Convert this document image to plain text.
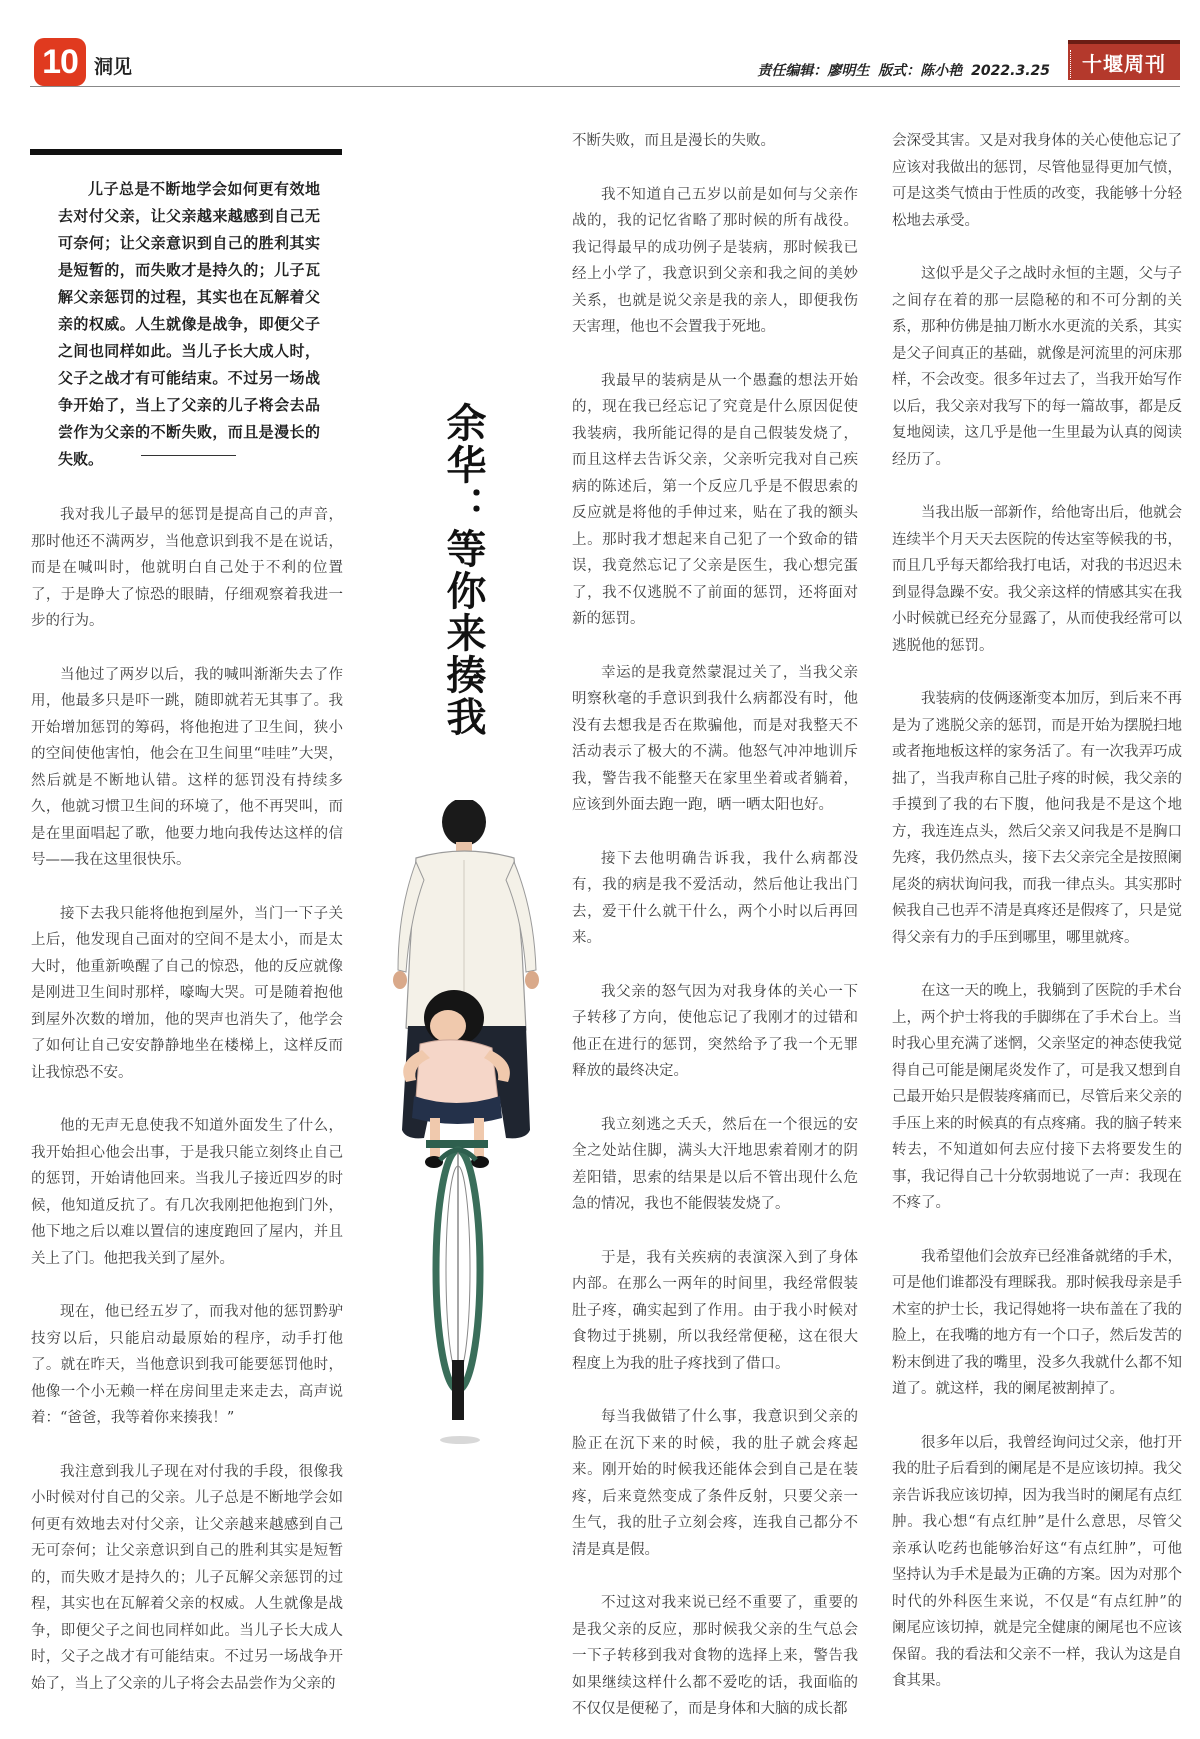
10 洞见	责任编辑：廖明生 版式：陈小艳 2022.3.25	十堰周刊
儿子总是不断地学会如何更有效地去对付父亲，让父亲越来越感到自己无可奈何；让父亲意识到自己的胜利其实是短暂的，而失败才是持久的；儿子瓦解父亲惩罚的过程，其实也在瓦解着父亲的权威。人生就像是战争，即便父子之间也同样如此。当儿子长大成人时，父子之战才有可能结束。不过另一场战争开始了，当上了父亲的儿子将会去品尝作为父亲的不断失败，而且是漫长的失败。

我对我儿子最早的惩罚是提高自己的声音，那时他还不满两岁，当他意识到我不是在说话，而是在喊叫时，他就明白自己处于不利的位置了，于是睁大了惊恐的眼睛，仔细观察着我进一步的行为。

当他过了两岁以后，我的喊叫渐渐失去了作用，他最多只是吓一跳，随即就若无其事了。我开始增加惩罚的筹码，将他抱进了卫生间，狭小的空间使他害怕，他会在卫生间里“哇哇”大哭，然后就是不断地认错。这样的惩罚没有持续多久，他就习惯卫生间的环境了，他不再哭叫，而是在里面唱起了歌，他要力地向我传达这样的信号——我在这里很快乐。

接下去我只能将他抱到屋外，当门一下子关上后，他发现自己面对的空间不是太小，而是太大时，他重新唤醒了自己的惊恐，他的反应就像是刚进卫生间时那样，嚎啕大哭。可是随着抱他到屋外次数的增加，他的哭声也消失了，他学会了如何让自己安安静静地坐在楼梯上，这样反而让我惊恐不安。

他的无声无息使我不知道外面发生了什么，我开始担心他会出事，于是我只能立刻终止自己的惩罚，开始请他回来。当我儿子接近四岁的时候，他知道反抗了。有几次我刚把他抱到门外，他下地之后以难以置信的速度跑回了屋内，并且关上了门。他把我关到了屋外。

现在，他已经五岁了，而我对他的惩罚黔驴技穷以后，只能启动最原始的程序，动手打他了。就在昨天，当他意识到我可能要惩罚他时，他像一个小无赖一样在房间里走来走去，高声说着：“爸爸，我等着你来揍我！”

我注意到我儿子现在对付我的手段，很像我小时候对付自己的父亲。儿子总是不断地学会如何更有效地去对付父亲，让父亲越来越感到自己无可奈何；让父亲意识到自己的胜利其实是短暂的，而失败才是持久的；儿子瓦解父亲惩罚的过程，其实也在瓦解着父亲的权威。人生就像是战争，即便父子之间也同样如此。当儿子长大成人时，父子之战才有可能结束。不过另一场战争开始了，当上了父亲的儿子将会去品尝作为父亲的

余华：等你来揍我

不断失败，而且是漫长的失败。

我不知道自己五岁以前是如何与父亲作战的，我的记忆省略了那时候的所有战役。我记得最早的成功例子是装病，那时候我已经上小学了，我意识到父亲和我之间的美妙关系，也就是说父亲是我的亲人，即便我伤天害理，他也不会置我于死地。

我最早的装病是从一个愚蠢的想法开始的，现在我已经忘记了究竟是什么原因促使我装病，我所能记得的是自己假装发烧了，而且这样去告诉父亲，父亲听完我对自己疾病的陈述后，第一个反应几乎是不假思索的反应就是将他的手伸过来，贴在了我的额头上。那时我才想起来自己犯了一个致命的错误，我竟然忘记了父亲是医生，我心想完蛋了，我不仅逃脱不了前面的惩罚，还将面对新的惩罚。

幸运的是我竟然蒙混过关了，当我父亲明察秋毫的手意识到我什么病都没有时，他没有去想我是否在欺骗他，而是对我整天不活动表示了极大的不满。他怒气冲冲地训斥我，警告我不能整天在家里坐着或者躺着，应该到外面去跑一跑，晒一晒太阳也好。

接下去他明确告诉我，我什么病都没有，我的病是我不爱活动，然后他让我出门去，爱干什么就干什么，两个小时以后再回来。

我父亲的怒气因为对我身体的关心一下子转移了方向，使他忘记了我刚才的过错和他正在进行的惩罚，突然给予了我一个无罪释放的最终决定。

我立刻逃之夭夭，然后在一个很远的安全之处站住脚，满头大汗地思索着刚才的阴差阳错，思索的结果是以后不管出现什么危急的情况，我也不能假装发烧了。

于是，我有关疾病的表演深入到了身体内部。在那么一两年的时间里，我经常假装肚子疼，确实起到了作用。由于我小时候对食物过于挑剔，所以我经常便秘，这在很大程度上为我的肚子疼找到了借口。

每当我做错了什么事，我意识到父亲的脸正在沉下来的时候，我的肚子就会疼起来。刚开始的时候我还能体会到自己是在装疼，后来竟然变成了条件反射，只要父亲一生气，我的肚子立刻会疼，连我自己都分不清是真是假。

不过这对我来说已经不重要了，重要的是我父亲的反应，那时候我父亲的生气总会一下子转移到我对食物的选择上来，警告我如果继续这样什么都不爱吃的话，我面临的不仅仅是便秘了，而是身体和大脑的成长都

会深受其害。又是对我身体的关心使他忘记了应该对我做出的惩罚，尽管他显得更加气愤，可是这类气愤由于性质的改变，我能够十分轻松地去承受。

这似乎是父子之战时永恒的主题，父与子之间存在着的那一层隐秘的和不可分割的关系，那种仿佛是抽刀断水水更流的关系，其实是父子间真正的基础，就像是河流里的河床那样，不会改变。很多年过去了，当我开始写作以后，我父亲对我写下的每一篇故事，都是反复地阅读，这几乎是他一生里最为认真的阅读经历了。

当我出版一部新作，给他寄出后，他就会连续半个月天天去医院的传达室等候我的书，而且几乎每天都给我打电话，对我的书迟迟未到显得急躁不安。我父亲这样的情感其实在我小时候就已经充分显露了，从而使我经常可以逃脱他的惩罚。

我装病的伎俩逐渐变本加厉，到后来不再是为了逃脱父亲的惩罚，而是开始为摆脱扫地或者拖地板这样的家务活了。有一次我弄巧成拙了，当我声称自己肚子疼的时候，我父亲的手摸到了我的右下腹，他问我是不是这个地方，我连连点头，然后父亲又问我是不是胸口先疼，我仍然点头，接下去父亲完全是按照阑尾炎的病状询问我，而我一律点头。其实那时候我自己也弄不清是真疼还是假疼了，只是觉得父亲有力的手压到哪里，哪里就疼。

在这一天的晚上，我躺到了医院的手术台上，两个护士将我的手脚绑在了手术台上。当时我心里充满了迷惘，父亲坚定的神态使我觉得自己可能是阑尾炎发作了，可是我又想到自己最开始只是假装疼痛而已，尽管后来父亲的手压上来的时候真的有点疼痛。我的脑子转来转去，不知道如何去应付接下去将要发生的事，我记得自己十分软弱地说了一声：我现在不疼了。

我希望他们会放弃已经准备就绪的手术，可是他们谁都没有理睬我。那时候我母亲是手术室的护士长，我记得她将一块布盖在了我的脸上，在我嘴的地方有一个口子，然后发苦的粉末倒进了我的嘴里，没多久我就什么都不知道了。就这样，我的阑尾被割掉了。

很多年以后，我曾经询问过父亲，他打开我的肚子后看到的阑尾是不是应该切掉。我父亲告诉我应该切掉，因为我当时的阑尾有点红肿。我心想“有点红肿”是什么意思，尽管父亲承认吃药也能够治好这“有点红肿”，可他坚持认为手术是最为正确的方案。因为对那个时代的外科医生来说，不仅是“有点红肿”的阑尾应该切掉，就是完全健康的阑尾也不应该保留。我的看法和父亲不一样，我认为这是自食其果。
